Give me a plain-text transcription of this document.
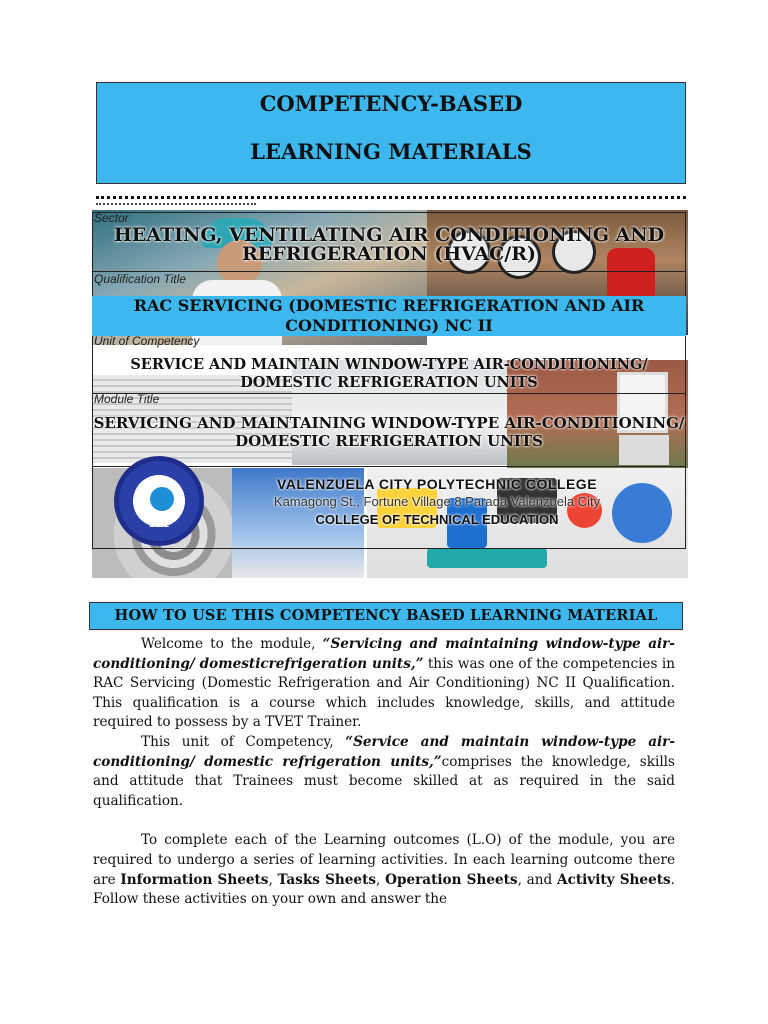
COMPETENCY-BASED
LEARNING MATERIALS
Sector
HEATING, VENTILATING AIR CONDITIONING AND REFRIGERATION (HVAC/R)
Qualification Title
RAC SERVICING (DOMESTIC REFRIGERATION AND AIR CONDITIONING) NC II
Unit of Competency
SERVICE AND MAINTAIN WINDOW-TYPE AIR-CONDITIONING/ DOMESTIC REFRIGERATION UNITS
Module Title
SERVICING AND MAINTAINING WINDOW-TYPE AIR-CONDITIONING/ DOMESTIC REFRIGERATION UNITS
1982
VALENZUELA CITY POLYTECHNIC COLLEGE
Kamagong St., Fortune Village 8 Parada Valenzuela City
COLLEGE OF TECHNICAL EDUCATION
HOW TO USE THIS COMPETENCY BASED LEARNING MATERIAL

Welcome to the module, “Servicing and maintaining window-type air-conditioning/ domesticrefrigeration units,” this was one of the competencies in RAC Servicing (Domestic Refrigeration and Air Conditioning) NC II Qualification. This qualification is a course which includes knowledge, skills, and attitude required to possess by a TVET Trainer.

This unit of Competency, “Service and maintain window-type air-conditioning/ domestic refrigeration units,”comprises the knowledge, skills and attitude that Trainees must become skilled at as required in the said qualification.

To complete each of the Learning outcomes (L.O) of the module, you are required to undergo a series of learning activities. In each learning outcome there are Information Sheets, Tasks Sheets, Operation Sheets, and Activity Sheets. Follow these activities on your own and answer the
